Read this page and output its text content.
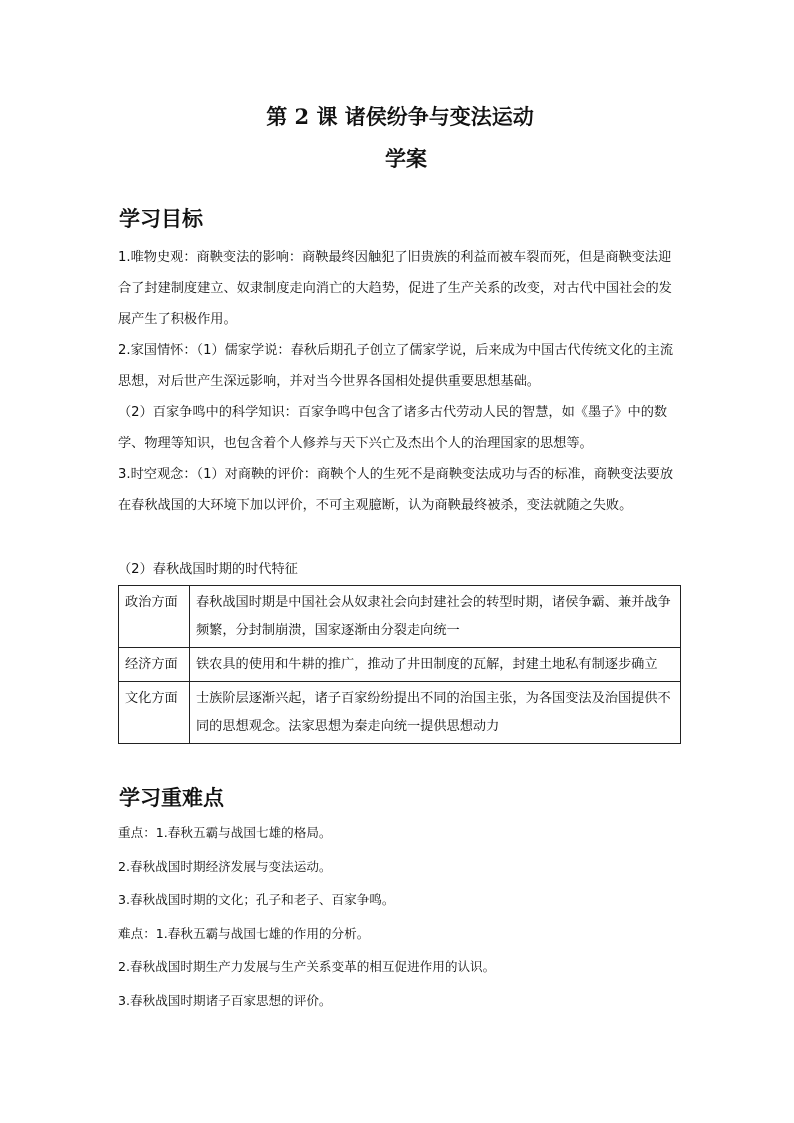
第 2 课 诸侯纷争与变法运动
学案
学习目标

1.唯物史观：商鞅变法的影响：商鞅最终因触犯了旧贵族的利益而被车裂而死，但是商鞅变法迎合了封建制度建立、奴隶制度走向消亡的大趋势，促进了生产关系的改变，对古代中国社会的发展产生了积极作用。

2.家国情怀：（1）儒家学说：春秋后期孔子创立了儒家学说，后来成为中国古代传统文化的主流思想，对后世产生深远影响，并对当今世界各国相处提供重要思想基础。

（2）百家争鸣中的科学知识：百家争鸣中包含了诸多古代劳动人民的智慧，如《墨子》中的数学、物理等知识，也包含着个人修养与天下兴亡及杰出个人的治理国家的思想等。

3.时空观念：（1）对商鞅的评价：商鞅个人的生死不是商鞅变法成功与否的标准，商鞅变法要放在春秋战国的大环境下加以评价，不可主观臆断，认为商鞅最终被杀，变法就随之失败。

（2）春秋战国时期的时代特征
政治方面	春秋战国时期是中国社会从奴隶社会向封建社会的转型时期，诸侯争霸、兼并战争频繁，分封制崩溃，国家逐渐由分裂走向统一
经济方面	铁农具的使用和牛耕的推广，推动了井田制度的瓦解，封建土地私有制逐步确立
文化方面	士族阶层逐渐兴起，诸子百家纷纷提出不同的治国主张，为各国变法及治国提供不同的思想观念。法家思想为秦走向统一提供思想动力
学习重难点

重点：1.春秋五霸与战国七雄的格局。

2.春秋战国时期经济发展与变法运动。

3.春秋战国时期的文化；孔子和老子、百家争鸣。

难点：1.春秋五霸与战国七雄的作用的分析。

2.春秋战国时期生产力发展与生产关系变革的相互促进作用的认识。

3.春秋战国时期诸子百家思想的评价。
